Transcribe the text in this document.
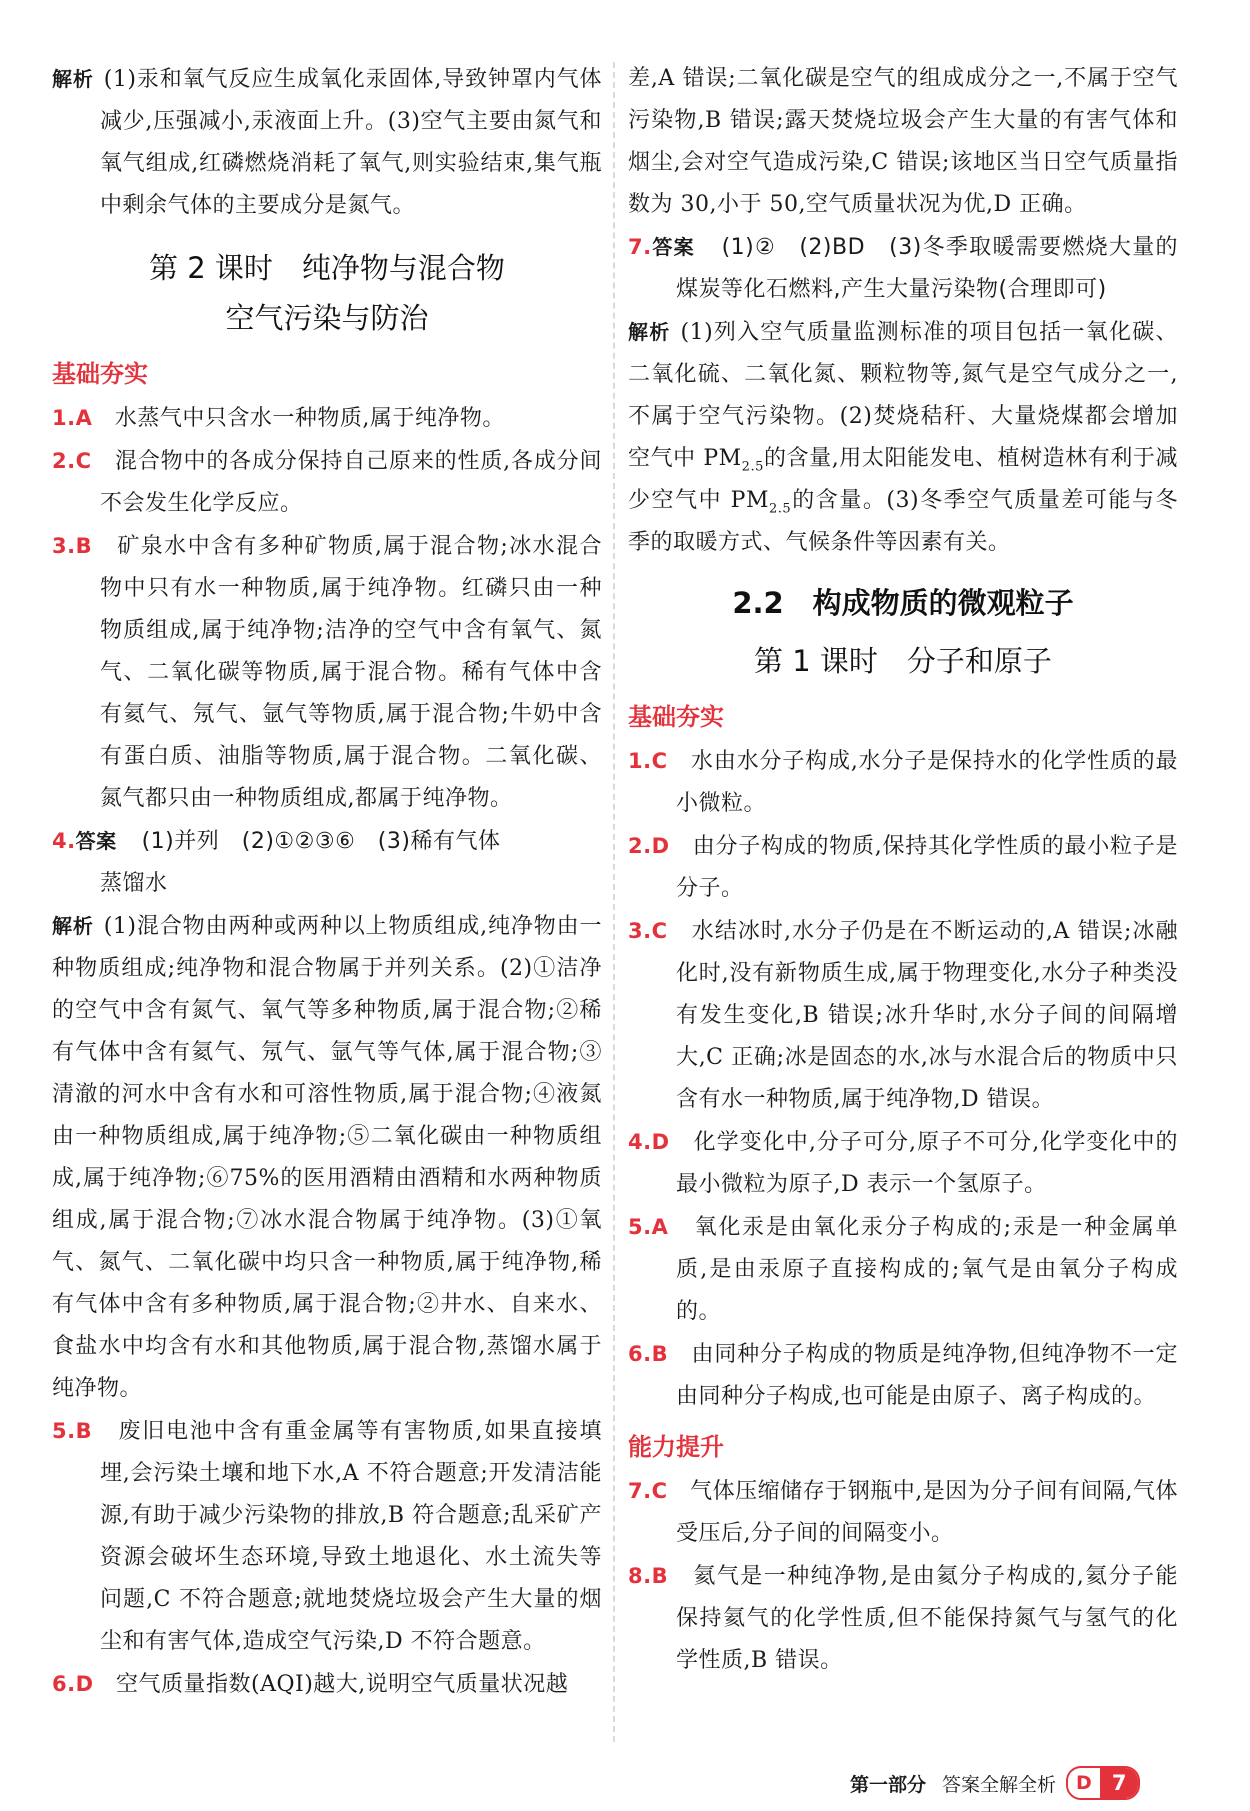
解析 (1)汞和氧气反应生成氧化汞固体,导致钟罩内气体减少,压强减小,汞液面上升。(3)空气主要由氮气和氧气组成,红磷燃烧消耗了氧气,则实验结束,集气瓶中剩余气体的主要成分是氮气。

第 2 课时　纯净物与混合物
空气污染与防治
基础夯实

1.A 水蒸气中只含水一种物质,属于纯净物。

2.C 混合物中的各成分保持自己原来的性质,各成分间不会发生化学反应。

3.B 矿泉水中含有多种矿物质,属于混合物;冰水混合物中只有水一种物质,属于纯净物。红磷只由一种物质组成,属于纯净物;洁净的空气中含有氧气、氮气、二氧化碳等物质,属于混合物。稀有气体中含有氦气、氖气、氩气等物质,属于混合物;牛奶中含有蛋白质、油脂等物质,属于混合物。二氧化碳、氮气都只由一种物质组成,都属于纯净物。

4.答案 (1)并列　(2)①②③⑥　(3)稀有气体

蒸馏水

解析 (1)混合物由两种或两种以上物质组成,纯净物由一种物质组成;纯净物和混合物属于并列关系。(2)①洁净的空气中含有氮气、氧气等多种物质,属于混合物;②稀有气体中含有氦气、氖气、氩气等气体,属于混合物;③清澈的河水中含有水和可溶性物质,属于混合物;④液氮由一种物质组成,属于纯净物;⑤二氧化碳由一种物质组成,属于纯净物;⑥75%的医用酒精由酒精和水两种物质组成,属于混合物;⑦冰水混合物属于纯净物。(3)①氧气、氮气、二氧化碳中均只含一种物质,属于纯净物,稀有气体中含有多种物质,属于混合物;②井水、自来水、食盐水中均含有水和其他物质,属于混合物,蒸馏水属于纯净物。

5.B 废旧电池中含有重金属等有害物质,如果直接填埋,会污染土壤和地下水,A 不符合题意;开发清洁能源,有助于减少污染物的排放,B 符合题意;乱采矿产资源会破坏生态环境,导致土地退化、水土流失等问题,C 不符合题意;就地焚烧垃圾会产生大量的烟尘和有害气体,造成空气污染,D 不符合题意。

6.D 空气质量指数(AQI)越大,说明空气质量状况越

差,A 错误;二氧化碳是空气的组成成分之一,不属于空气污染物,B 错误;露天焚烧垃圾会产生大量的有害气体和烟尘,会对空气造成污染,C 错误;该地区当日空气质量指数为 30,小于 50,空气质量状况为优,D 正确。

7.答案 (1)②　(2)BD　(3)冬季取暖需要燃烧大量的煤炭等化石燃料,产生大量污染物(合理即可)

解析 (1)列入空气质量监测标准的项目包括一氧化碳、二氧化硫、二氧化氮、颗粒物等,氮气是空气成分之一,不属于空气污染物。(2)焚烧秸秆、大量烧煤都会增加空气中 $PM_{2.5}$的含量,用太阳能发电、植树造林有利于减少空气中 $PM_{2.5}$的含量。(3)冬季空气质量差可能与冬季的取暖方式、气候条件等因素有关。

2.2　构成物质的微观粒子
第 1 课时　分子和原子
基础夯实

1.C 水由水分子构成,水分子是保持水的化学性质的最小微粒。

2.D 由分子构成的物质,保持其化学性质的最小粒子是分子。

3.C 水结冰时,水分子仍是在不断运动的,A 错误;冰融化时,没有新物质生成,属于物理变化,水分子种类没有发生变化,B 错误;冰升华时,水分子间的间隔增大,C 正确;冰是固态的水,冰与水混合后的物质中只含有水一种物质,属于纯净物,D 错误。

4.D 化学变化中,分子可分,原子不可分,化学变化中的最小微粒为原子,D 表示一个氢原子。

5.A 氧化汞是由氧化汞分子构成的;汞是一种金属单质,是由汞原子直接构成的;氧气是由氧分子构成的。

6.B 由同种分子构成的物质是纯净物,但纯净物不一定由同种分子构成,也可能是由原子、离子构成的。

能力提升

7.C 气体压缩储存于钢瓶中,是因为分子间有间隔,气体受压后,分子间的间隔变小。

8.B 氦气是一种纯净物,是由氦分子构成的,氦分子能保持氦气的化学性质,但不能保持氮气与氢气的化学性质,B 错误。

第一部分 答案全解全析	D 7
